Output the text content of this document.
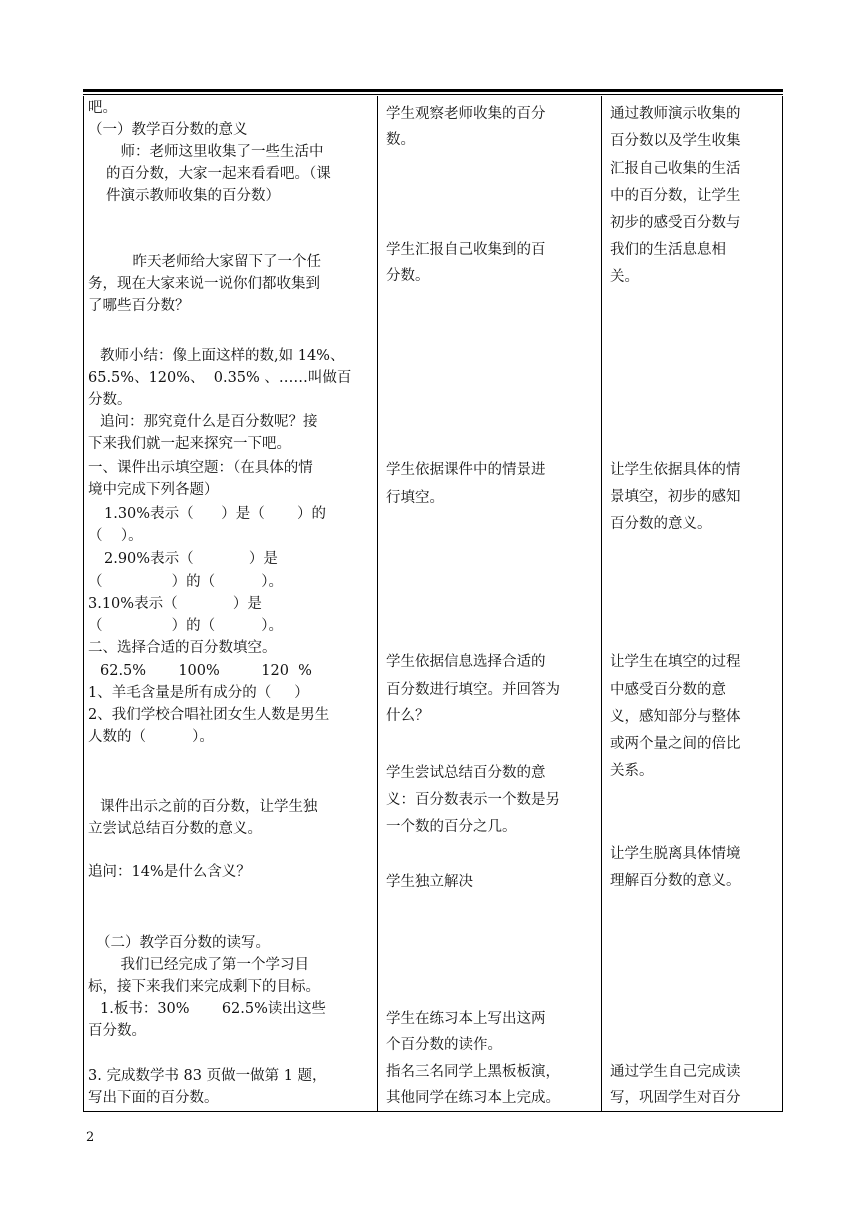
吧。
（一）教学百分数的意义
　师：老师这里收集了一些生活中
的百分数，大家一起来看看吧。（课
件演示教师收集的百分数）
　昨天老师给大家留下了一个任
务，现在大家来说一说你们都收集到
了哪些百分数？
教师小结：像上面这样的数,如 14%、
65.5%、120%、  0.35% 、……叫做百
分数。
追问：那究竟什么是百分数呢？接
下来我们就一起来探究一下吧。
一、课件出示填空题：（在具体的情
境中完成下列各题）
1.30%表示（      ）是（       ）的
（    ）。
2.90%表示（            ）是
（               ）的（          ）。
3.10%表示（            ）是
（               ）的（          ）。
二、选择合适的百分数填空。
62.5%       100%         120  %
1、羊毛含量是所有成分的（     ）
2、我们学校合唱社团女生人数是男生
人数的（          ）。
课件出示之前的百分数，让学生独
立尝试总结百分数的意义。
追问：14%是什么含义？
（二）教学百分数的读写。
　我们已经完成了第一个学习目
标，接下来我们来完成剩下的目标。
1.板书：30%       62.5%读出这些
百分数。
3. 完成数学书 83 页做一做第 1 题，
写出下面的百分数。
学生观察老师收集的百分
数。
学生汇报自己收集到的百
分数。
学生依据课件中的情景进
行填空。
学生依据信息选择合适的
百分数进行填空。并回答为
什么？
学生尝试总结百分数的意
义：百分数表示一个数是另
一个数的百分之几。
学生独立解决
学生在练习本上写出这两
个百分数的读作。
指名三名同学上黑板板演，
其他同学在练习本上完成。
通过教师演示收集的
百分数以及学生收集
汇报自己收集的生活
中的百分数，让学生
初步的感受百分数与
我们的生活息息相
关。
让学生依据具体的情
景填空，初步的感知
百分数的意义。
让学生在填空的过程
中感受百分数的意
义，感知部分与整体
或两个量之间的倍比
关系。
让学生脱离具体情境
理解百分数的意义。
通过学生自己完成读
写，巩固学生对百分
2
